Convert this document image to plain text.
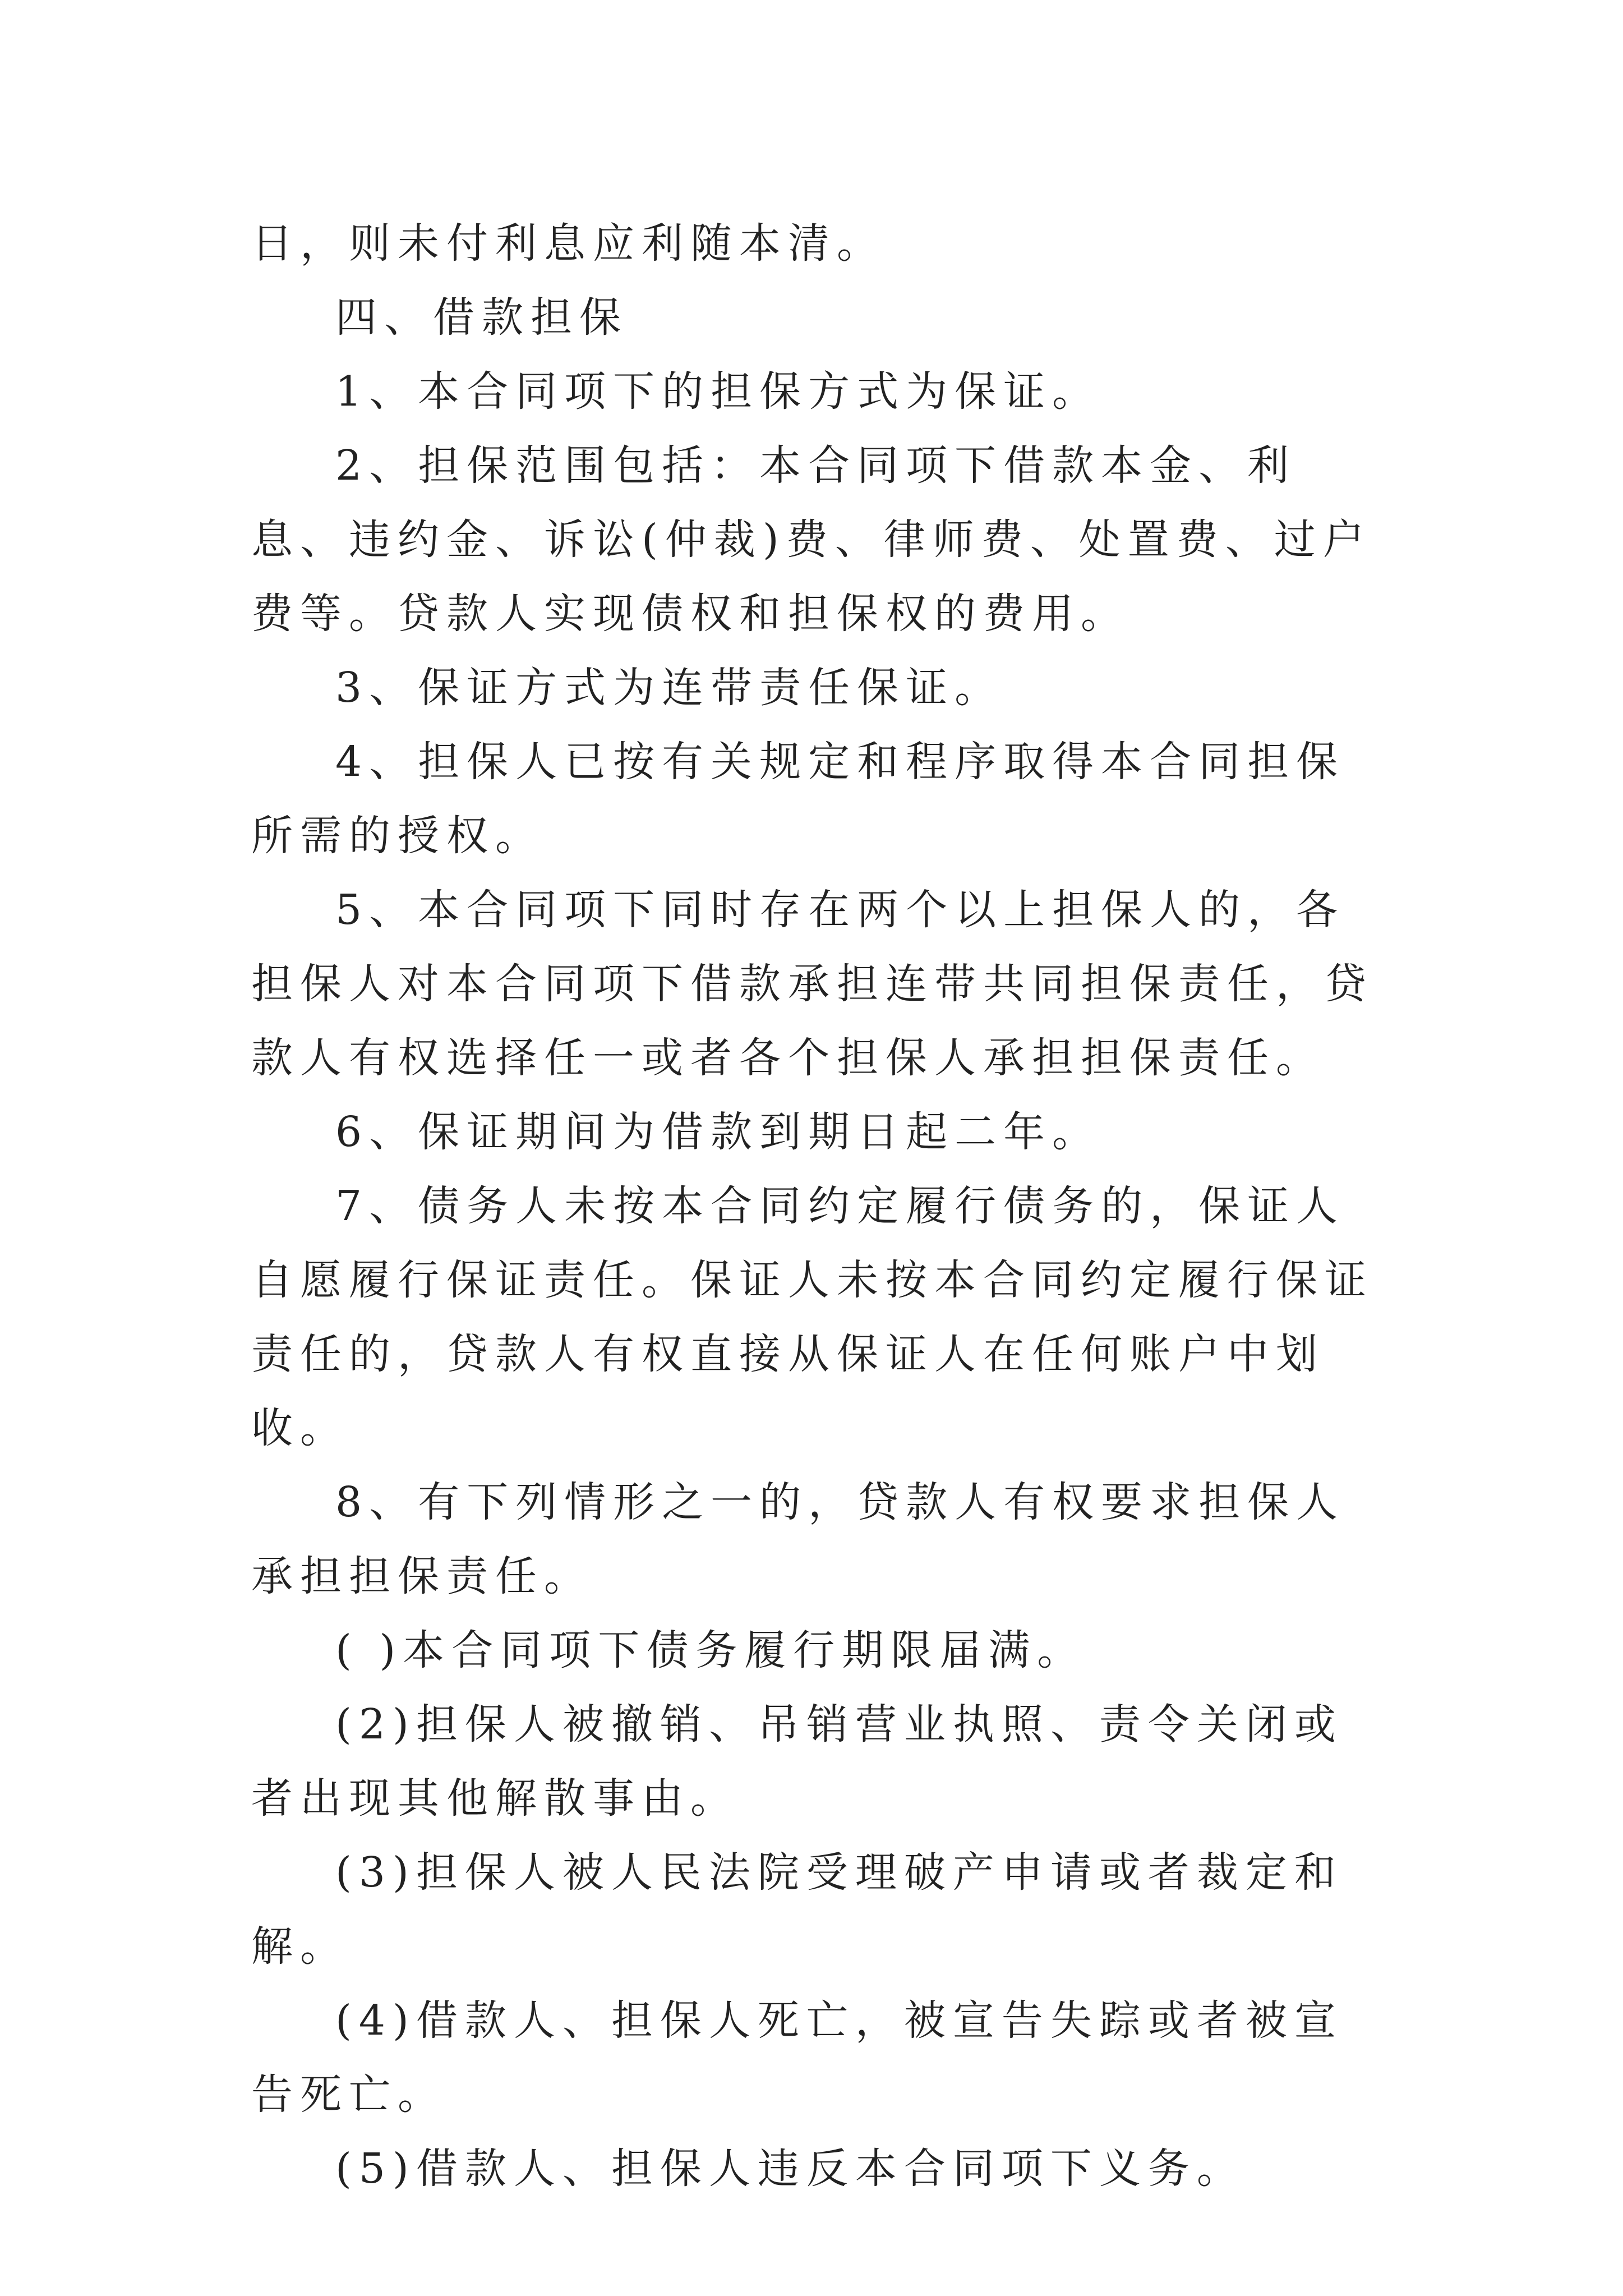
日，则未付利息应利随本清。

四、借款担保

1、本合同项下的担保方式为保证。

2、担保范围包括：本合同项下借款本金、利息、违约金、诉讼(仲裁)费、律师费、处置费、过户费等。贷款人实现债权和担保权的费用。

3、保证方式为连带责任保证。

4、担保人已按有关规定和程序取得本合同担保所需的授权。

5、本合同项下同时存在两个以上担保人的，各担保人对本合同项下借款承担连带共同担保责任，贷款人有权选择任一或者各个担保人承担担保责任。

6、保证期间为借款到期日起二年。

7、债务人未按本合同约定履行债务的，保证人自愿履行保证责任。保证人未按本合同约定履行保证责任的，贷款人有权直接从保证人在任何账户中划收。

8、有下列情形之一的，贷款人有权要求担保人承担担保责任。

( )本合同项下债务履行期限届满。

(2)担保人被撤销、吊销营业执照、责令关闭或者出现其他解散事由。

(3)担保人被人民法院受理破产申请或者裁定和解。

(4)借款人、担保人死亡，被宣告失踪或者被宣告死亡。

(5)借款人、担保人违反本合同项下义务。
